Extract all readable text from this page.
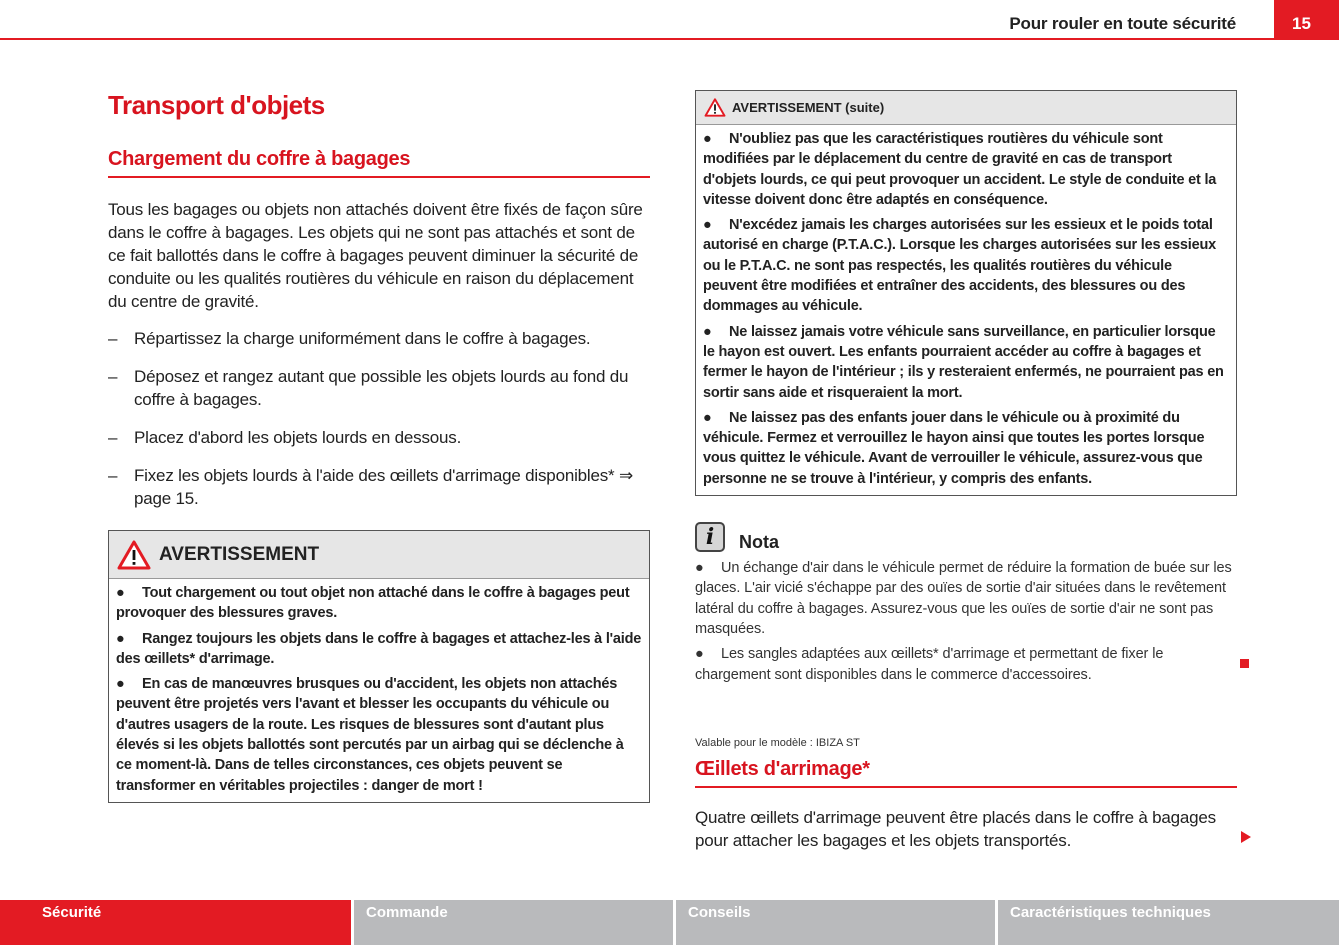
Pour rouler en toute sécurité	15
Transport d'objets
Chargement du coffre à bagages

Tous les bagages ou objets non attachés doivent être fixés de façon sûre dans le coffre à bagages. Les objets qui ne sont pas attachés et sont de ce fait ballottés dans le coffre à bagages peuvent diminuer la sécurité de conduite ou les qualités routières du véhicule en raison du déplacement du centre de gravité.

– Répartissez la charge uniformément dans le coffre à bagages.
– Déposez et rangez autant que possible les objets lourds au fond du coffre à bagages.
– Placez d'abord les objets lourds en dessous.
– Fixez les objets lourds à l'aide des œillets d'arrimage disponibles* ⇒ page 15.
AVERTISSEMENT

● Tout chargement ou tout objet non attaché dans le coffre à bagages peut provoquer des blessures graves.

● Rangez toujours les objets dans le coffre à bagages et attachez-les à l'aide des œillets* d'arrimage.

● En cas de manœuvres brusques ou d'accident, les objets non attachés peuvent être projetés vers l'avant et blesser les occupants du véhicule ou d'autres usagers de la route. Les risques de blessures sont d'autant plus élevés si les objets ballottés sont percutés par un airbag qui se déclenche à ce moment-là. Dans de telles circonstances, ces objets peuvent se transformer en véritables projectiles : danger de mort !

AVERTISSEMENT (suite)

● N'oubliez pas que les caractéristiques routières du véhicule sont modifiées par le déplacement du centre de gravité en cas de transport d'objets lourds, ce qui peut provoquer un accident. Le style de conduite et la vitesse doivent donc être adaptés en conséquence.

● N'excédez jamais les charges autorisées sur les essieux et le poids total autorisé en charge (P.T.A.C.). Lorsque les charges autorisées sur les essieux ou le P.T.A.C. ne sont pas respectés, les qualités routières du véhicule peuvent être modifiées et entraîner des accidents, des blessures ou des dommages au véhicule.

● Ne laissez jamais votre véhicule sans surveillance, en particulier lorsque le hayon est ouvert. Les enfants pourraient accéder au coffre à bagages et fermer le hayon de l'intérieur ; ils y resteraient enfermés, ne pourraient pas en sortir sans aide et risqueraient la mort.

● Ne laissez pas des enfants jouer dans le véhicule ou à proximité du véhicule. Fermez et verrouillez le hayon ainsi que toutes les portes lorsque vous quittez le véhicule. Avant de verrouiller le véhicule, assurez-vous que personne ne se trouve à l'intérieur, y compris des enfants.

i	Nota

● Un échange d'air dans le véhicule permet de réduire la formation de buée sur les glaces. L'air vicié s'échappe par des ouïes de sortie d'air situées dans le revêtement latéral du coffre à bagages. Assurez-vous que les ouïes de sortie d'air ne sont pas masquées.

● Les sangles adaptées aux œillets* d'arrimage et permettant de fixer le chargement sont disponibles dans le commerce d'accessoires.

Valable pour le modèle : IBIZA ST
Œillets d'arrimage*

Quatre œillets d'arrimage peuvent être placés dans le coffre à bagages pour attacher les bagages et les objets transportés.

Sécurité	Commande	Conseils	Caractéristiques techniques
